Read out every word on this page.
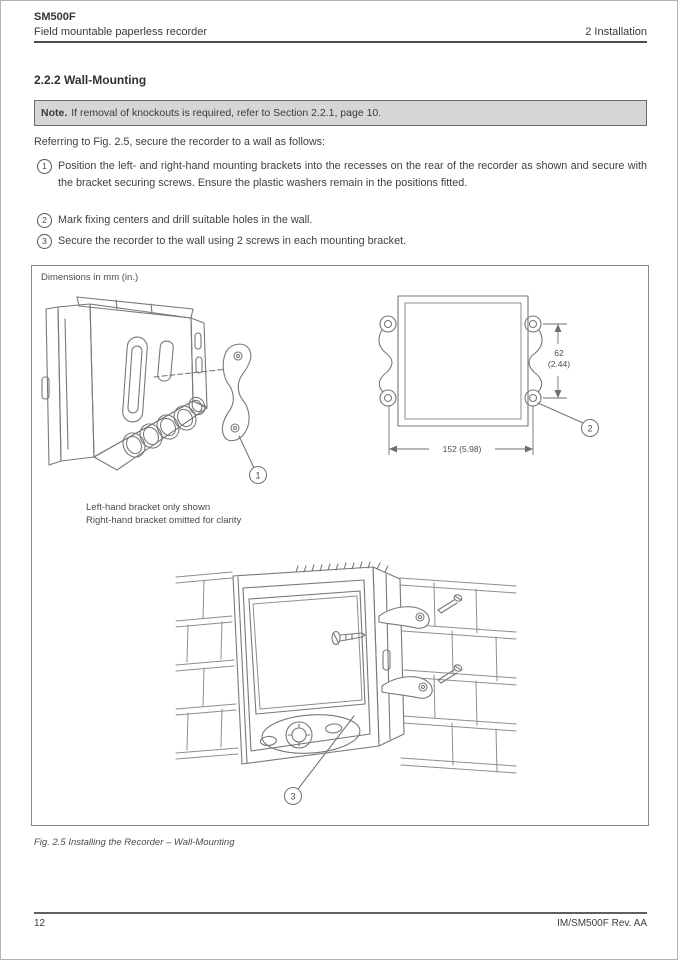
SM500F
Field mountable paperless recorder	2 Installation
2.2.2 Wall-Mounting
Note. If removal of knockouts is required, refer to Section 2.2.1, page 10.
Referring to Fig. 2.5, secure the recorder to a wall as follows:
1	Position the left- and right-hand mounting brackets into the recesses on the rear of the recorder as shown and secure with the bracket securing screws. Ensure the plastic washers remain in the positions fitted.
2	Mark fixing centers and drill suitable holes in the wall.
3	Secure the recorder to the wall using 2 screws in each mounting bracket.
Dimensions in mm (in.)
1
62
(2.44)
152 (5.98)
2
Left-hand bracket only shown
Right-hand bracket omitted for clarity
3
Fig. 2.5 Installing the Recorder – Wall-Mounting
12	IM/SM500F Rev. AA
